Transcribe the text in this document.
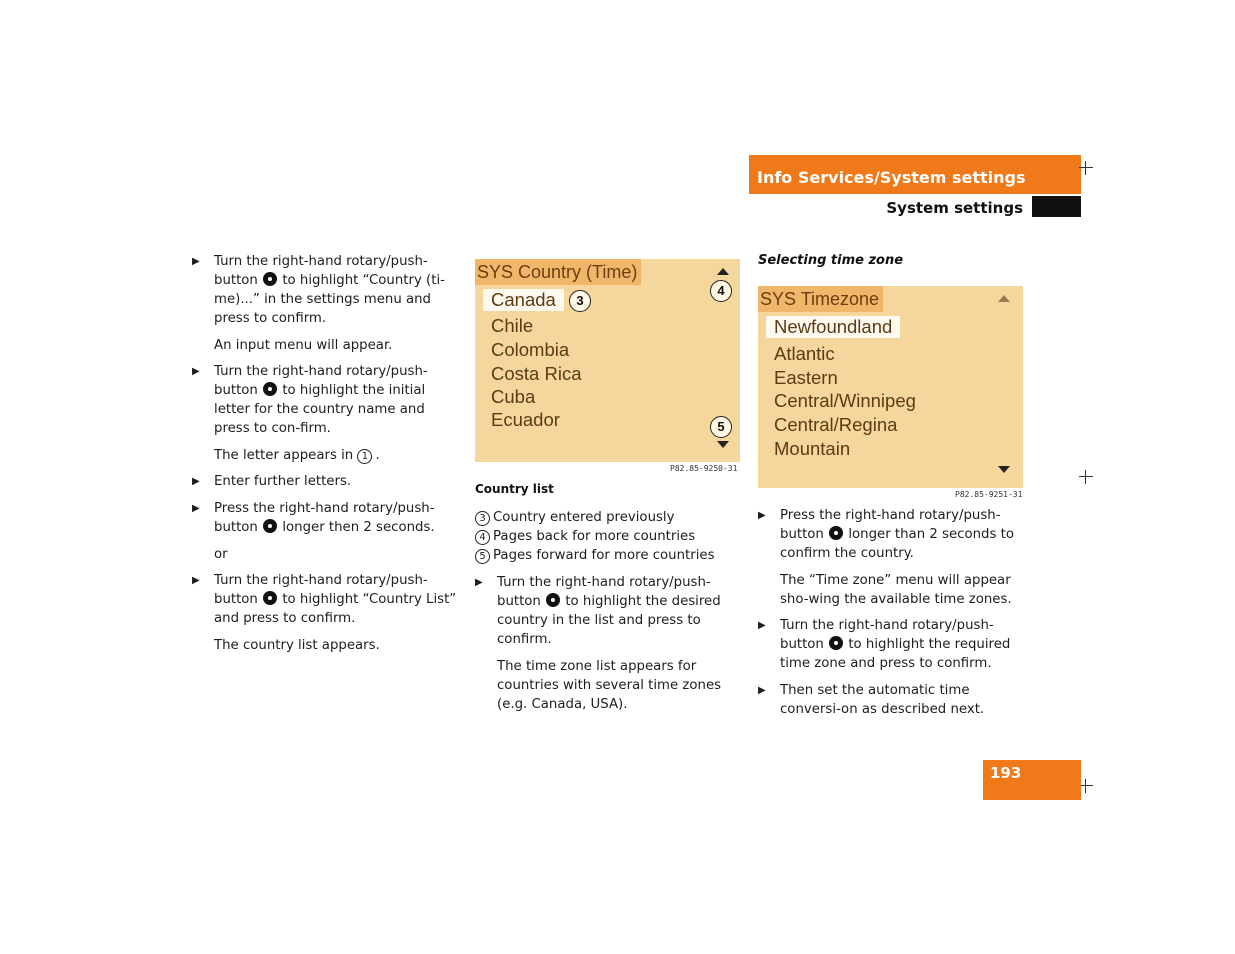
Info Services/System settings
System settings
▶ Turn the right-hand rotary/push-button to highlight “Country (ti-me)...” in the settings menu and press to confirm.
An input menu will appear.
▶ Turn the right-hand rotary/push-button to highlight the initial letter for the country name and press to con-firm.
The letter appears in 1 .
▶ Enter further letters.
▶ Press the right-hand rotary/push-button longer then 2 seconds.
or
▶ Turn the right-hand rotary/push-button to highlight “Country List” and press to confirm.
The country list appears.
SYS Country (Time)
Canada
Chile
Colombia
Costa Rica
Cuba
Ecuador
3
4
5
P82.85-9250-31
Country list
3 Country entered previously
4 Pages back for more countries
5 Pages forward for more countries
▶ Turn the right-hand rotary/push-button to highlight the desired country in the list and press to confirm.
The time zone list appears for countries with several time zones (e.g. Canada, USA).
Selecting time zone
SYS Timezone
Newfoundland
Atlantic
Eastern
Central/Winnipeg
Central/Regina
Mountain
P82.85-9251-31
▶ Press the right-hand rotary/push-button longer than 2 seconds to confirm the country.
The “Time zone” menu will appear sho-wing the available time zones.
▶ Turn the right-hand rotary/push-button to highlight the required time zone and press to confirm.
▶ Then set the automatic time conversi-on as described next.
193
